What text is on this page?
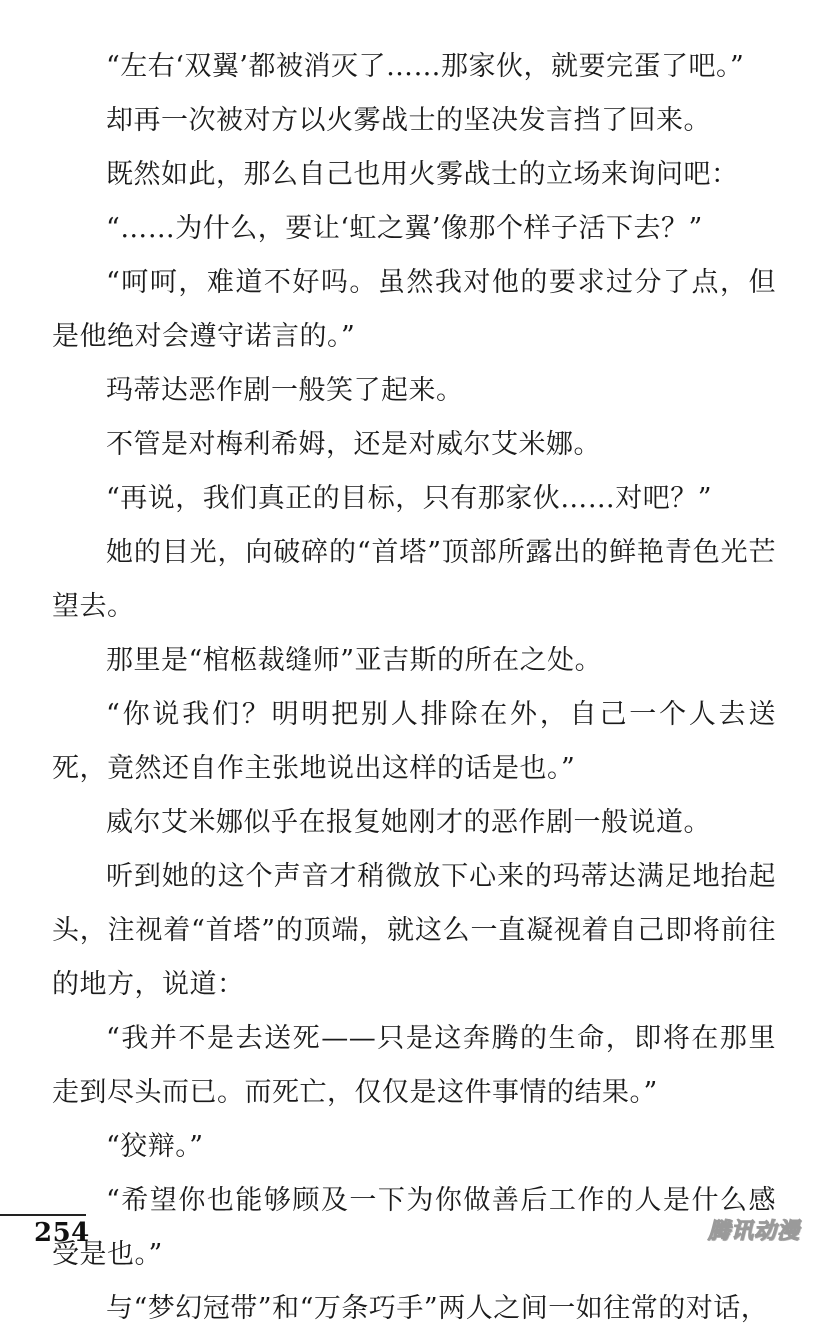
“左右‘双翼’都被消灭了……那家伙，就要完蛋了吧。”

却再一次被对方以火雾战士的坚决发言挡了回来。

既然如此，那么自己也用火雾战士的立场来询问吧：

“……为什么，要让‘虹之翼’像那个样子活下去？”

“呵呵，难道不好吗。虽然我对他的要求过分了点，但是他绝对会遵守诺言的。”

玛蒂达恶作剧一般笑了起来。

不管是对梅利希姆，还是对威尔艾米娜。

“再说，我们真正的目标，只有那家伙……对吧？”

她的目光，向破碎的“首塔”顶部所露出的鲜艳青色光芒望去。

那里是“棺柩裁缝师”亚吉斯的所在之处。

“你说我们？明明把别人排除在外，自己一个人去送死，竟然还自作主张地说出这样的话是也。”

威尔艾米娜似乎在报复她刚才的恶作剧一般说道。

听到她的这个声音才稍微放下心来的玛蒂达满足地抬起头，注视着“首塔”的顶端，就这么一直凝视着自己即将前往的地方，说道：

“我并不是去送死——只是这奔腾的生命，即将在那里走到尽头而已。而死亡，仅仅是这件事情的结果。”

“狡辩。”

“希望你也能够顾及一下为你做善后工作的人是什么感受是也。”

与“梦幻冠带”和“万条巧手”两人之间一如往常的对话，

254	腾讯动漫
